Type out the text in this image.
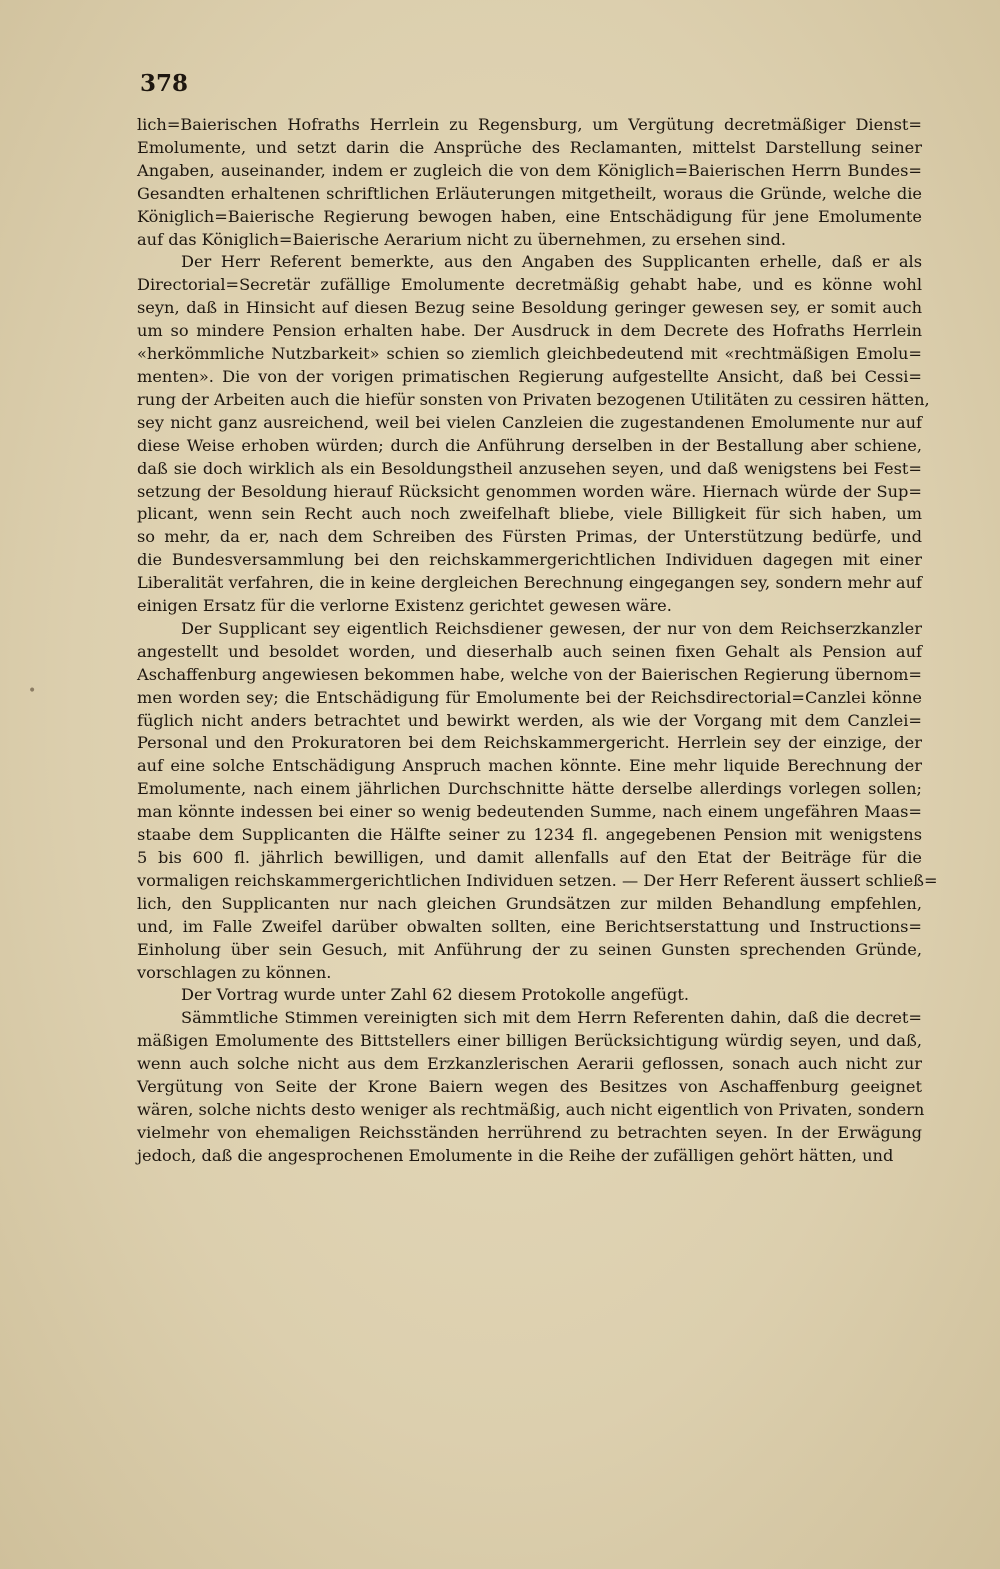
378
•
lich=Baierischen Hofraths Herrlein zu Regensburg, um Vergütung decretmäßiger Dienst=
Emolumente, und setzt darin die Ansprüche des Reclamanten, mittelst Darstellung seiner
Angaben, auseinander, indem er zugleich die von dem Königlich=Baierischen Herrn Bundes=
Gesandten erhaltenen schriftlichen Erläuterungen mitgetheilt, woraus die Gründe, welche die
Königlich=Baierische Regierung bewogen haben, eine Entschädigung für jene Emolumente
auf das Königlich=Baierische Aerarium nicht zu übernehmen, zu ersehen sind.
Der Herr Referent bemerkte, aus den Angaben des Supplicanten erhelle, daß er als
Directorial=Secretär zufällige Emolumente decretmäßig gehabt habe, und es könne wohl
seyn, daß in Hinsicht auf diesen Bezug seine Besoldung geringer gewesen sey, er somit auch
um so mindere Pension erhalten habe. Der Ausdruck in dem Decrete des Hofraths Herrlein
«herkömmliche Nutzbarkeit» schien so ziemlich gleichbedeutend mit «rechtmäßigen Emolu=
menten». Die von der vorigen primatischen Regierung aufgestellte Ansicht, daß bei Cessi=
rung der Arbeiten auch die hiefür sonsten von Privaten bezogenen Utilitäten zu cessiren hätten,
sey nicht ganz ausreichend, weil bei vielen Canzleien die zugestandenen Emolumente nur auf
diese Weise erhoben würden; durch die Anführung derselben in der Bestallung aber schiene,
daß sie doch wirklich als ein Besoldungstheil anzusehen seyen, und daß wenigstens bei Fest=
setzung der Besoldung hierauf Rücksicht genommen worden wäre. Hiernach würde der Sup=
plicant, wenn sein Recht auch noch zweifelhaft bliebe, viele Billigkeit für sich haben, um
so mehr, da er, nach dem Schreiben des Fürsten Primas, der Unterstützung bedürfe, und
die Bundesversammlung bei den reichskammergerichtlichen Individuen dagegen mit einer
Liberalität verfahren, die in keine dergleichen Berechnung eingegangen sey, sondern mehr auf
einigen Ersatz für die verlorne Existenz gerichtet gewesen wäre.
Der Supplicant sey eigentlich Reichsdiener gewesen, der nur von dem Reichserzkanzler
angestellt und besoldet worden, und dieserhalb auch seinen fixen Gehalt als Pension auf
Aschaffenburg angewiesen bekommen habe, welche von der Baierischen Regierung übernom=
men worden sey; die Entschädigung für Emolumente bei der Reichsdirectorial=Canzlei könne
füglich nicht anders betrachtet und bewirkt werden, als wie der Vorgang mit dem Canzlei=
Personal und den Prokuratoren bei dem Reichskammergericht. Herrlein sey der einzige, der
auf eine solche Entschädigung Anspruch machen könnte. Eine mehr liquide Berechnung der
Emolumente, nach einem jährlichen Durchschnitte hätte derselbe allerdings vorlegen sollen;
man könnte indessen bei einer so wenig bedeutenden Summe, nach einem ungefähren Maas=
staabe dem Supplicanten die Hälfte seiner zu 1234 fl. angegebenen Pension mit wenigstens
5 bis 600 fl. jährlich bewilligen, und damit allenfalls auf den Etat der Beiträge für die
vormaligen reichskammergerichtlichen Individuen setzen. — Der Herr Referent äussert schließ=
lich, den Supplicanten nur nach gleichen Grundsätzen zur milden Behandlung empfehlen,
und, im Falle Zweifel darüber obwalten sollten, eine Berichtserstattung und Instructions=
Einholung über sein Gesuch, mit Anführung der zu seinen Gunsten sprechenden Gründe,
vorschlagen zu können.
Der Vortrag wurde unter Zahl 62 diesem Protokolle angefügt.
Sämmtliche Stimmen vereinigten sich mit dem Herrn Referenten dahin, daß die decret=
mäßigen Emolumente des Bittstellers einer billigen Berücksichtigung würdig seyen, und daß,
wenn auch solche nicht aus dem Erzkanzlerischen Aerarii geflossen, sonach auch nicht zur
Vergütung von Seite der Krone Baiern wegen des Besitzes von Aschaffenburg geeignet
wären, solche nichts desto weniger als rechtmäßig, auch nicht eigentlich von Privaten, sondern
vielmehr von ehemaligen Reichsständen herrührend zu betrachten seyen. In der Erwägung
jedoch, daß die angesprochenen Emolumente in die Reihe der zufälligen gehört hätten, und
